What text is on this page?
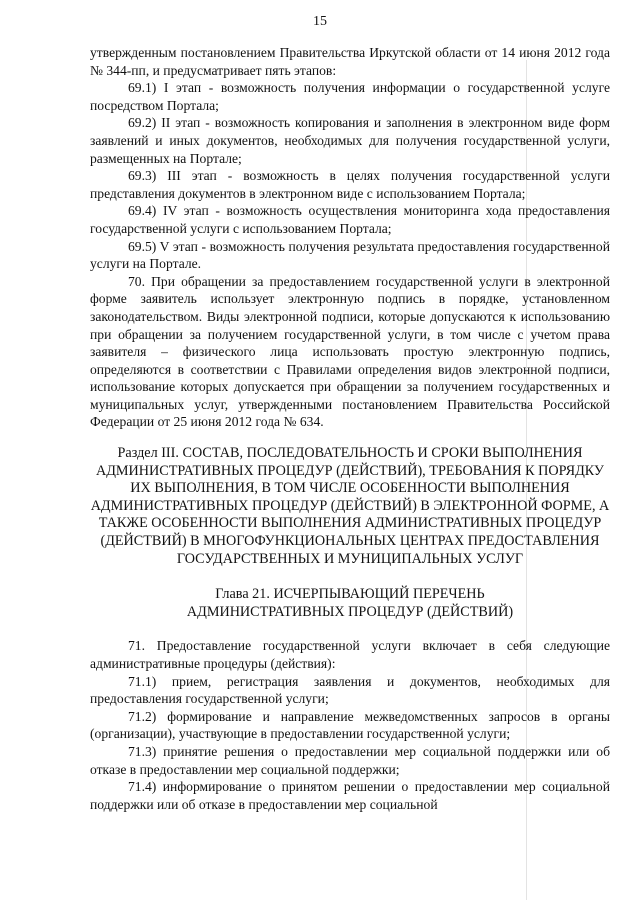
15

утвержденным постановлением Правительства Иркутской области от 14 июня 2012 года № 344-пп, и предусматривает пять этапов:

69.1) I этап - возможность получения информации о государственной услуге посредством Портала;

69.2) II этап - возможность копирования и заполнения в электронном виде форм заявлений и иных документов, необходимых для получения государственной услуги, размещенных на Портале;

69.3) III этап - возможность в целях получения государственной услуги представления документов в электронном виде с использованием Портала;

69.4) IV этап - возможность осуществления мониторинга хода предоставления государственной услуги с использованием Портала;

69.5) V этап - возможность получения результата предоставления государственной услуги на Портале.

70. При обращении за предоставлением государственной услуги в электронной форме заявитель использует электронную подпись в порядке, установленном законодательством. Виды электронной подписи, которые допускаются к использованию при обращении за получением государственной услуги, в том числе с учетом права заявителя – физического лица использовать простую электронную подпись, определяются в соответствии с Правилами определения видов электронной подписи, использование которых допускается при обращении за получением государственных и муниципальных услуг, утвержденными постановлением Правительства Российской Федерации от 25 июня 2012 года № 634.

Раздел III. СОСТАВ, ПОСЛЕДОВАТЕЛЬНОСТЬ И СРОКИ ВЫПОЛНЕНИЯ АДМИНИСТРАТИВНЫХ ПРОЦЕДУР (ДЕЙСТВИЙ), ТРЕБОВАНИЯ К ПОРЯДКУ ИХ ВЫПОЛНЕНИЯ, В ТОМ ЧИСЛЕ ОСОБЕННОСТИ ВЫПОЛНЕНИЯ АДМИНИСТРАТИВНЫХ ПРОЦЕДУР (ДЕЙСТВИЙ) В ЭЛЕКТРОННОЙ ФОРМЕ, А ТАКЖЕ ОСОБЕННОСТИ ВЫПОЛНЕНИЯ АДМИНИСТРАТИВНЫХ ПРОЦЕДУР (ДЕЙСТВИЙ) В МНОГОФУНКЦИОНАЛЬНЫХ ЦЕНТРАХ ПРЕДОСТАВЛЕНИЯ ГОСУДАРСТВЕННЫХ И МУНИЦИПАЛЬНЫХ УСЛУГ
Глава 21. ИСЧЕРПЫВАЮЩИЙ ПЕРЕЧЕНЬ
АДМИНИСТРАТИВНЫХ ПРОЦЕДУР (ДЕЙСТВИЙ)

71. Предоставление государственной услуги включает в себя следующие административные процедуры (действия):

71.1) прием, регистрация заявления и документов, необходимых для предоставления государственной услуги;

71.2) формирование и направление межведомственных запросов в органы (организации), участвующие в предоставлении государственной услуги;

71.3) принятие решения о предоставлении мер социальной поддержки или об отказе в предоставлении мер социальной поддержки;

71.4) информирование о принятом решении о предоставлении мер социальной поддержки или об отказе в предоставлении мер социальной
